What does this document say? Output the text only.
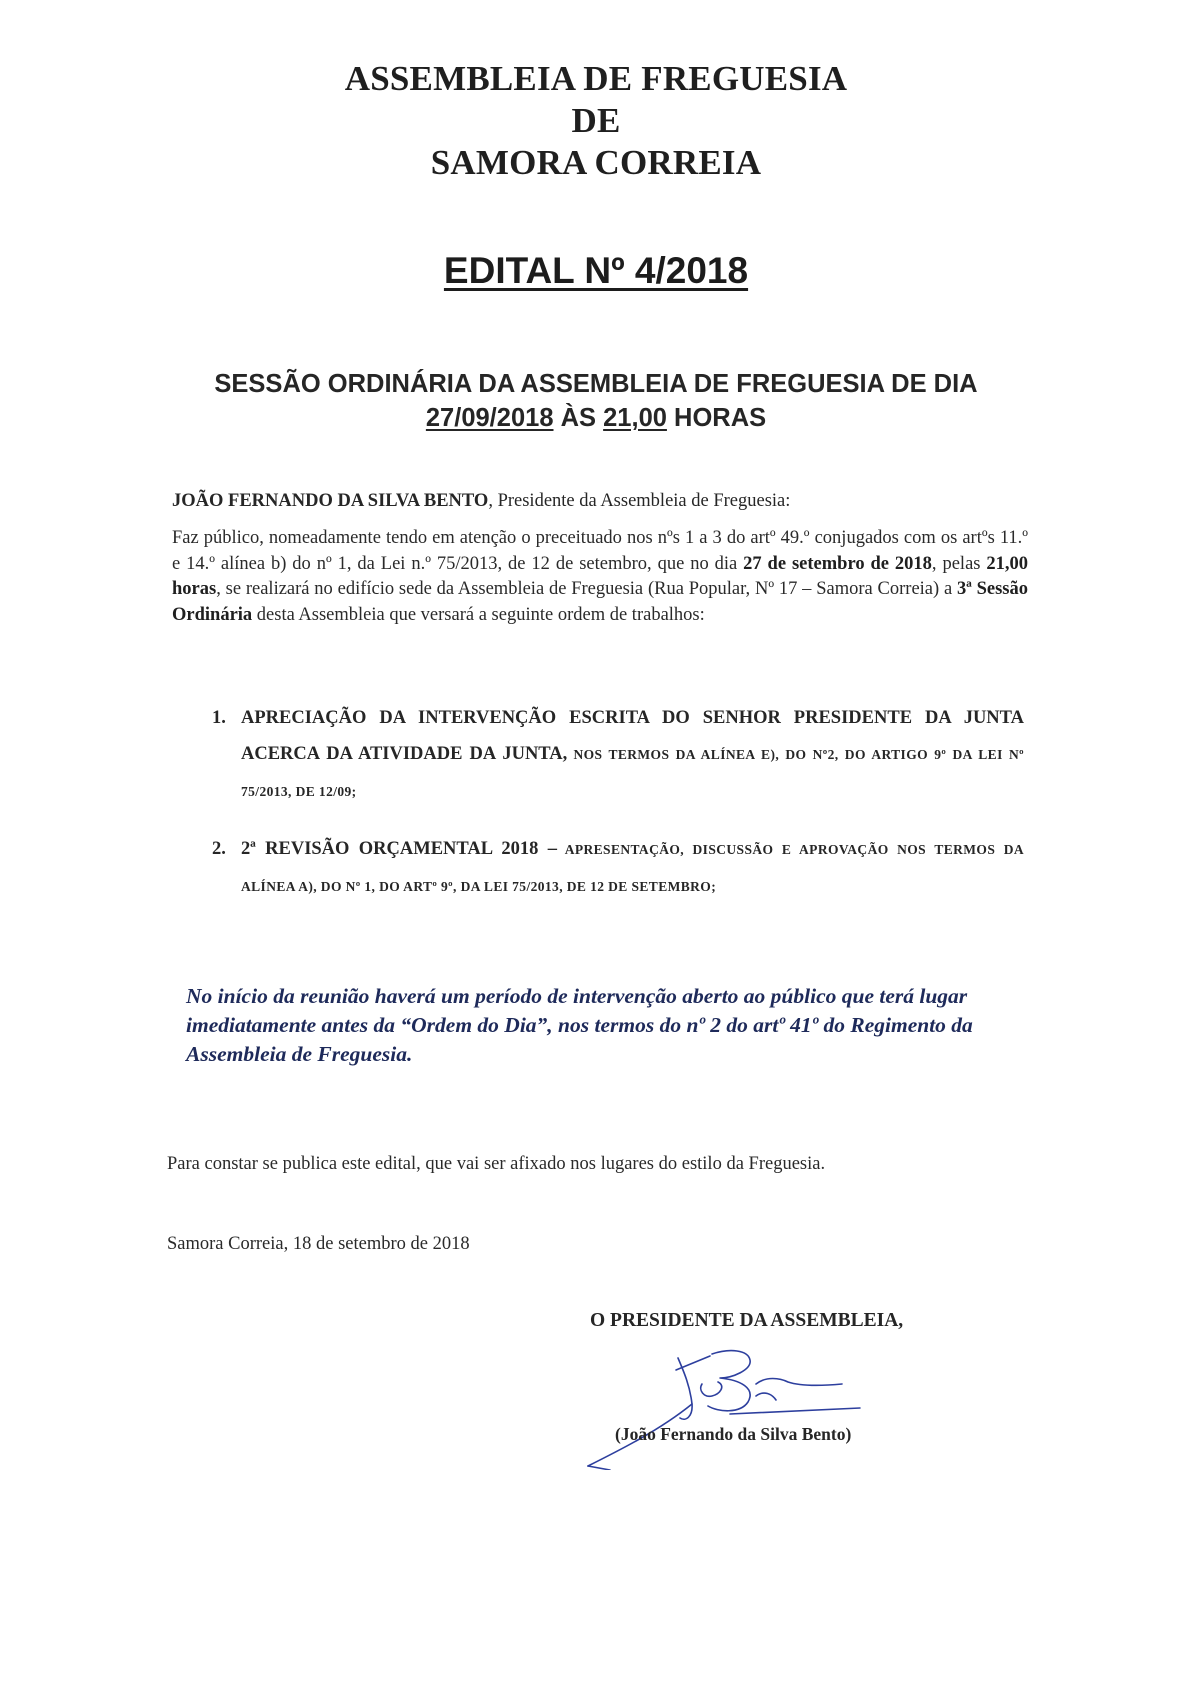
ASSEMBLEIA DE FREGUESIA
DE
SAMORA CORREIA
EDITAL Nº 4/2018
SESSÃO ORDINÁRIA DA ASSEMBLEIA DE FREGUESIA DE DIA
27/09/2018 ÀS 21,00 HORAS
JOÃO FERNANDO DA SILVA BENTO, Presidente da Assembleia de Freguesia:
Faz público, nomeadamente tendo em atenção o preceituado nos nºs 1 a 3 do artº 49.º conjugados com os artºs 11.º e 14.º alínea b) do nº 1, da Lei n.º 75/2013, de 12 de setembro, que no dia 27 de setembro de 2018, pelas 21,00 horas, se realizará no edifício sede da Assembleia de Freguesia (Rua Popular, Nº 17 – Samora Correia) a 3ª Sessão Ordinária desta Assembleia que versará a seguinte ordem de trabalhos:
1. APRECIAÇÃO DA INTERVENÇÃO ESCRITA DO SENHOR PRESIDENTE DA JUNTA ACERCA DA ATIVIDADE DA JUNTA, NOS TERMOS DA ALÍNEA E), DO Nº2, DO ARTIGO 9º DA LEI Nº 75/2013, DE 12/09;
2. 2ª REVISÃO ORÇAMENTAL 2018 – APRESENTAÇÃO, DISCUSSÃO E APROVAÇÃO NOS TERMOS DA ALÍNEA A), DO Nº 1, DO ARTº 9º, DA LEI 75/2013, DE 12 DE SETEMBRO;
No início da reunião haverá um período de intervenção aberto ao público que terá lugar imediatamente antes da “Ordem do Dia”, nos termos do nº 2 do artº 41º do Regimento da Assembleia de Freguesia.
Para constar se publica este edital, que vai ser afixado nos lugares do estilo da Freguesia.
Samora Correia, 18 de setembro de 2018
O PRESIDENTE DA ASSEMBLEIA,
(João Fernando da Silva Bento)
